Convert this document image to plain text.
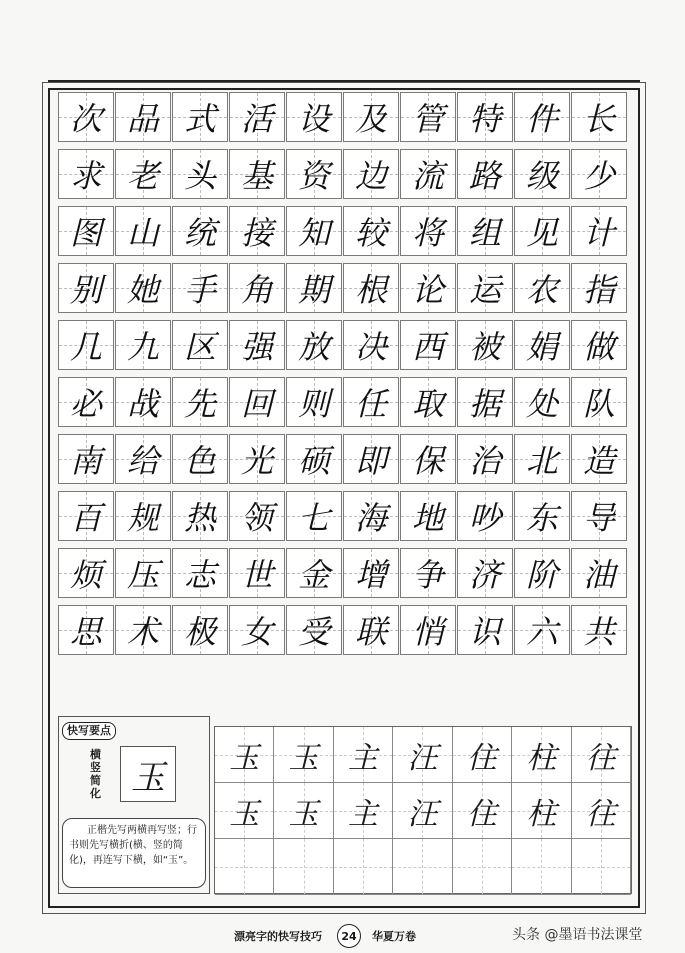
次 品 式 活 设 及 管 特 件 长
求 老 头 基 资 边 流 路 级 少
图 山 统 接 知 较 将 组 见 计
别 她 手 角 期 根 论 运 农 指
几 九 区 强 放 决 西 被 娟 做
必 战 先 回 则 任 取 据 处 队
南 给 色 光 硕 即 保 治 北 造
百 规 热 领 七 海 地 吵 东 导
烦 压 志 世 金 增 争 济 阶 油
思 术 极 女 受 联 悄 识 六 共
快写要点
横竖简化 玉

正楷先写两横再写竖；行书则先写横折(横、竖的简化)，再连写下横，如“玉”。

玉 玉 主 汪 住 柱 往
玉 玉 主 汪 住 柱 往
漂亮字的快写技巧	24	华夏万卷	头条 @墨语书法课堂
